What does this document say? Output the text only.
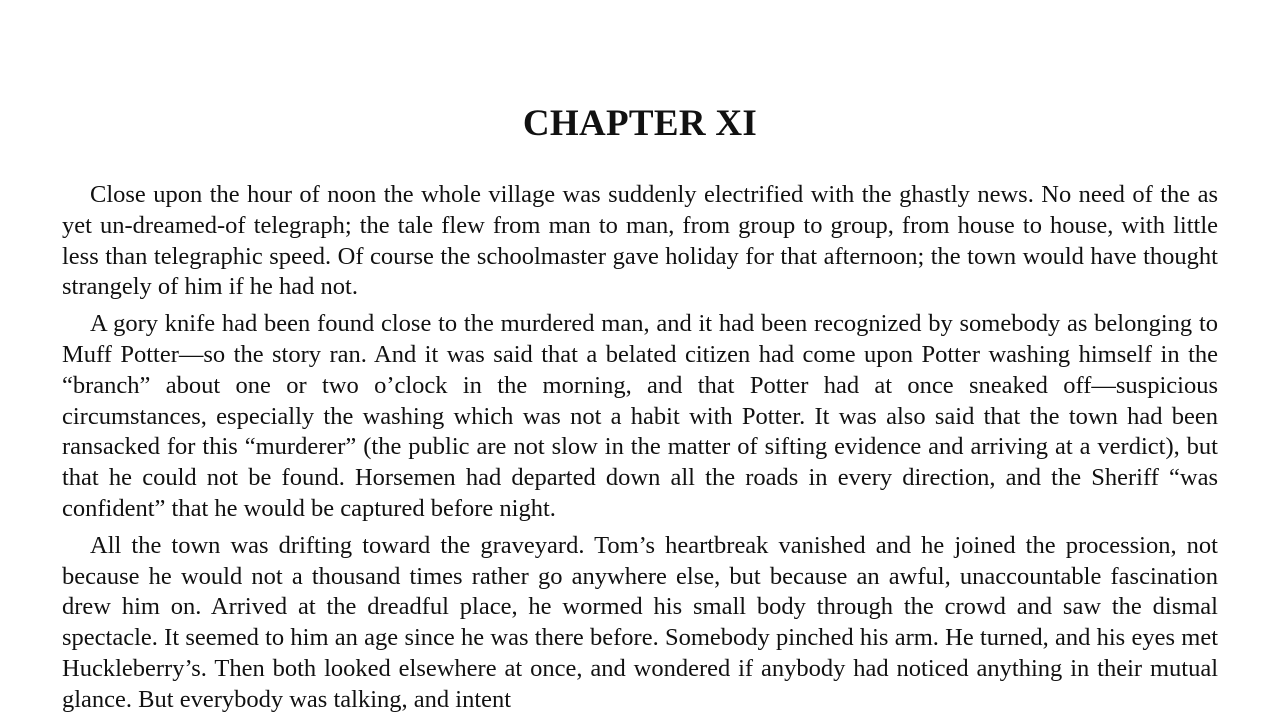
CHAPTER XI

Close upon the hour of noon the whole village was suddenly electrified with the ghastly news. No need of the as yet un-dreamed-of telegraph; the tale flew from man to man, from group to group, from house to house, with little less than telegraphic speed. Of course the schoolmaster gave holiday for that afternoon; the town would have thought strangely of him if he had not.

A gory knife had been found close to the murdered man, and it had been recognized by somebody as belonging to Muff Potter—so the story ran. And it was said that a belated citizen had come upon Potter washing himself in the “branch” about one or two o’clock in the morning, and that Potter had at once sneaked off—suspicious circumstances, especially the washing which was not a habit with Potter. It was also said that the town had been ransacked for this “murderer” (the public are not slow in the matter of sifting evidence and arriving at a verdict), but that he could not be found. Horsemen had departed down all the roads in every direction, and the Sheriff “was confident” that he would be captured before night.

All the town was drifting toward the graveyard. Tom’s heartbreak vanished and he joined the procession, not because he would not a thousand times rather go anywhere else, but because an awful, unaccountable fascination drew him on. Arrived at the dreadful place, he wormed his small body through the crowd and saw the dismal spectacle. It seemed to him an age since he was there before. Somebody pinched his arm. He turned, and his eyes met Huckleberry’s. Then both looked elsewhere at once, and wondered if anybody had noticed anything in their mutual glance. But everybody was talking, and intent
